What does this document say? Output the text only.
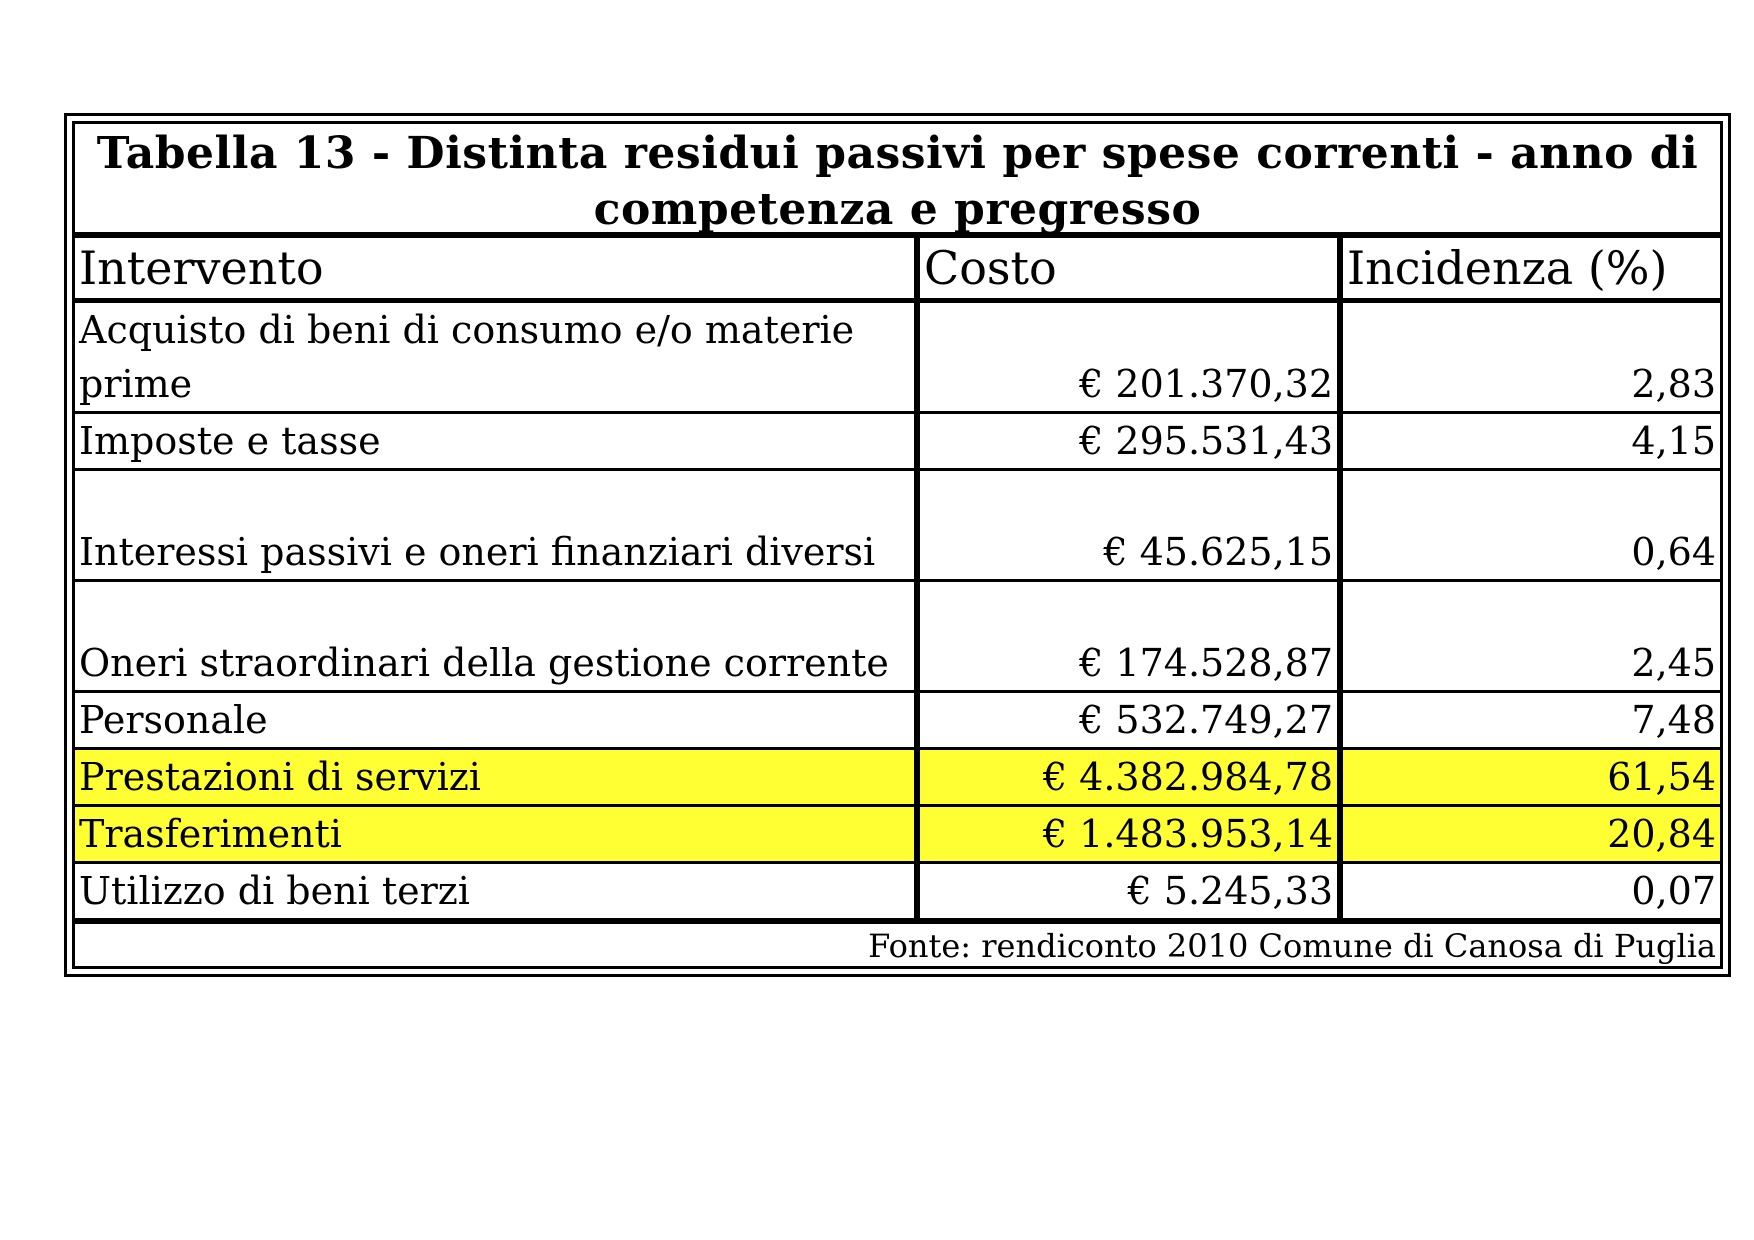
Tabella 13 - Distinta residui passivi per spese correnti - anno di competenza e pregresso
Intervento	Costo	Incidenza (%)
Acquisto di beni di consumo e/o materie prime	€ 201.370,32	2,83
Imposte e tasse	€ 295.531,43	4,15
Interessi passivi e oneri finanziari diversi	€ 45.625,15	0,64
Oneri straordinari della gestione corrente	€ 174.528,87	2,45
Personale	€ 532.749,27	7,48
Prestazioni di servizi	€ 4.382.984,78	61,54
Trasferimenti	€ 1.483.953,14	20,84
Utilizzo di beni terzi	€ 5.245,33	0,07
Fonte: rendiconto 2010 Comune di Canosa di Puglia
